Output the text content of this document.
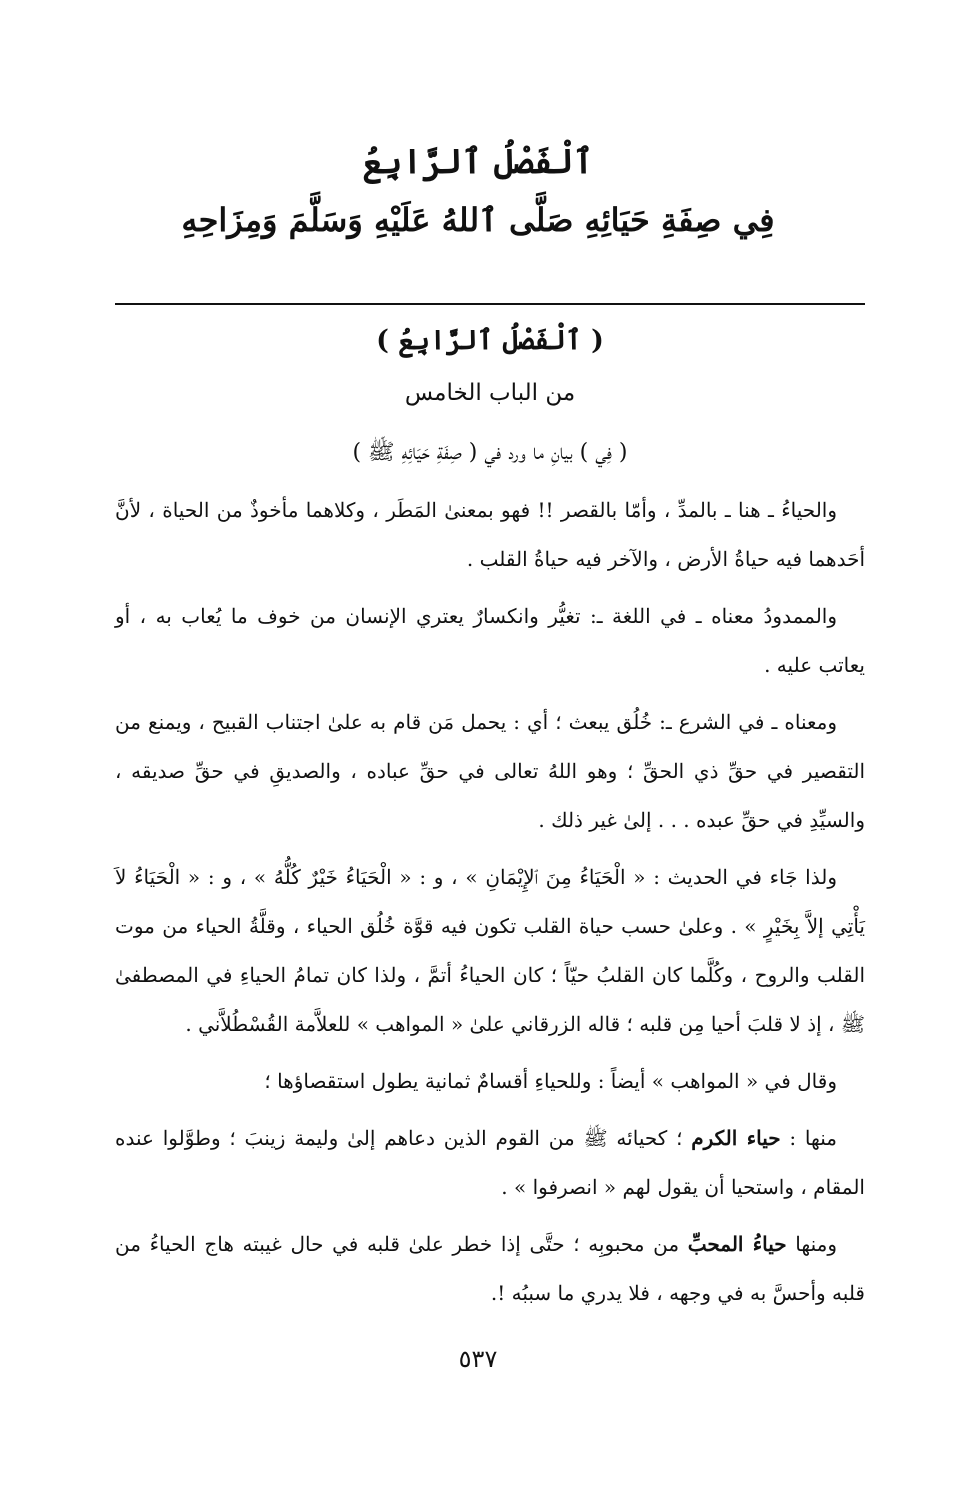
ٱلْفَصْلُ ٱلرَّابِعُ
فِي صِفَةِ حَيَائِهِ صَلَّى ٱللهُ عَلَيْهِ وَسَلَّمَ وَمِزَاحِهِ
( ٱلْفَصْلُ ٱلرَّابِعُ )
من الباب الخامس
( فِي ) بيانِ ما ورد في ( صِفَةِ حَيَائِهِ ﷺ )

والحياءُ ـ هنا ـ بالمدِّ ، وأمّا بالقصر !! فهو بمعنىٰ المَطَر ، وكلاهما مأخوذٌ من الحياة ، لأنَّ أحَدهما فيه حياةُ الأرض ، والآخر فيه حياةُ القلب .

والممدودُ معناه ـ في اللغة ـ: تغيُّر وانكسارٌ يعتري الإنسان من خوف ما يُعاب به ، أو يعاتب عليه .

ومعناه ـ في الشرع ـ: خُلُق يبعث ؛ أي : يحمل مَن قام به علىٰ اجتناب القبيح ، ويمنع من التقصير في حقِّ ذي الحقِّ ؛ وهو اللهُ تعالى في حقِّ عباده ، والصديقِ في حقِّ صديقه ، والسيِّدِ في حقِّ عبده . . . إلىٰ غير ذلك .

ولذا جَاء في الحديث : « الْحَيَاءُ مِنَ ٱلإِيْمَانِ » ، و : « الْحَيَاءُ خَيْرٌ كُلُّهُ » ، و : « الْحَيَاءُ لاَ يَأْتِي إلاَّ بِخَيْرٍ » . وعلىٰ حسب حياة القلب تكون فيه قوَّة خُلُق الحياء ، وقلَّةُ الحياء من موت القلب والروح ، وكُلَّما كان القلبُ حيّاً ؛ كان الحياءُ أتمَّ ، ولذا كان تمامُ الحياءِ في المصطفىٰ ﷺ ، إذ لا قلبَ أحيا مِن قلبه ؛ قاله الزرقاني علىٰ « المواهب » للعلاَّمة القُسْطُلاَّني .

وقال في « المواهب » أيضاً : وللحياءِ أقسامٌ ثمانية يطول استقصاؤها ؛

منها : حياء الكرم ؛ كحيائه ﷺ من القوم الذين دعاهم إلىٰ وليمة زينبَ ؛ وطوَّلوا عنده المقام ، واستحيا أن يقول لهم « انصرفوا » .

ومنها حياءُ المحبِّ من محبوبِه ؛ حتَّى إذا خطر علىٰ قلبه في حال غيبته هاج الحياءُ من قلبه وأحسَّ به في وجهه ، فلا يدري ما سببُه !.

٥٣٧
